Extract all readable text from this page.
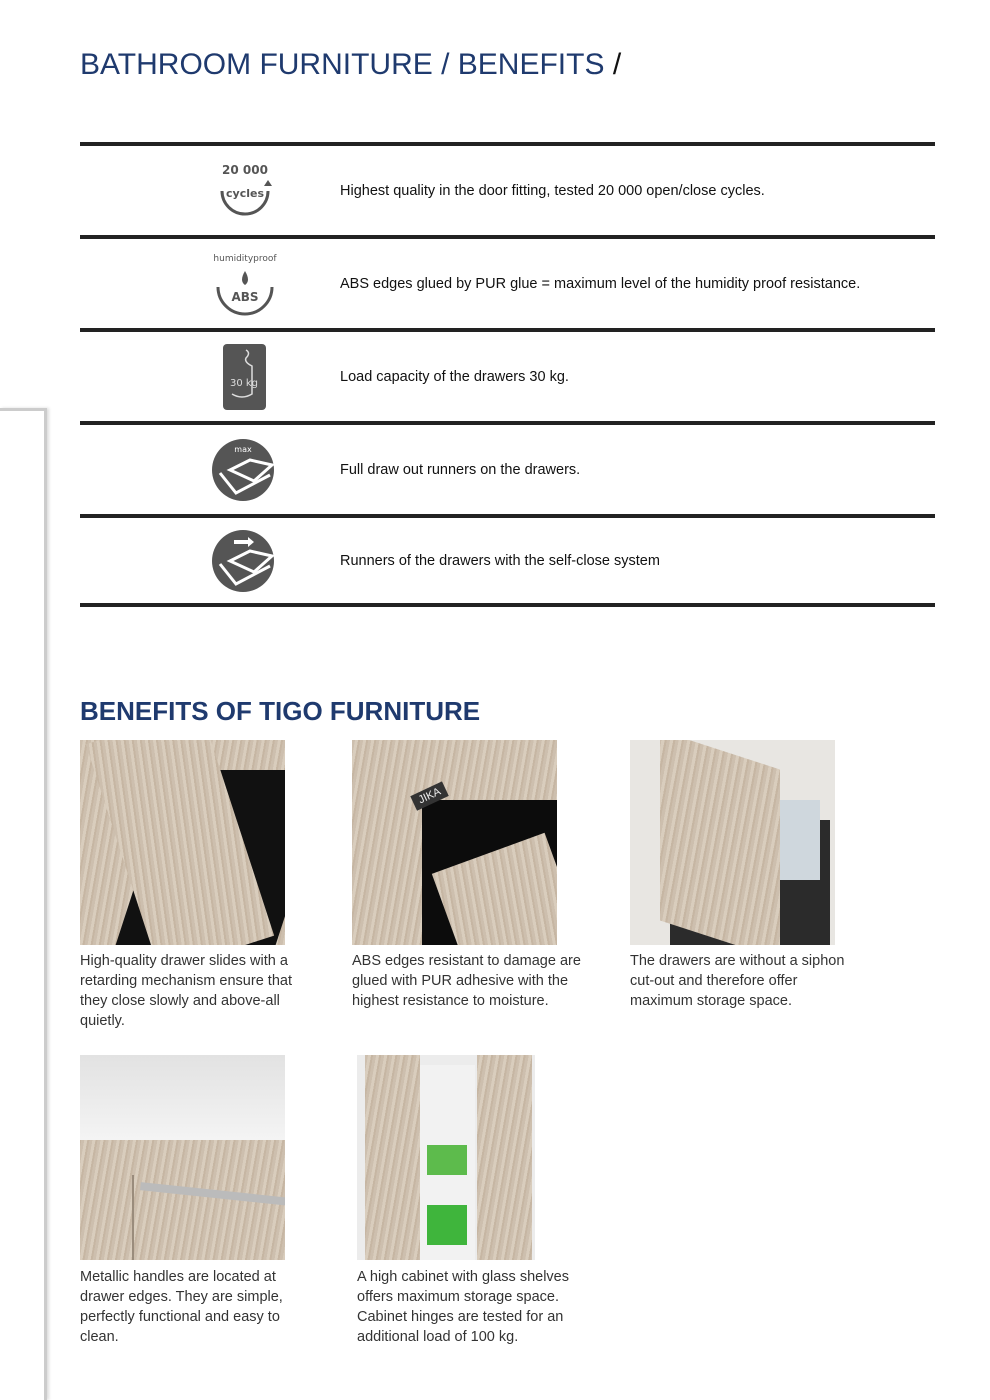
BATHROOM FURNITURE / BENEFITS /
20 000
cycles	Highest quality in the door fitting, tested 20 000 open/close cycles.
humidityproof
ABS
ABS edges glued by PUR glue = maximum level of the humidity proof resistance.
30 kg	Load capacity of the drawers 30 kg.
max
Full draw out runners on the drawers.
Runners of the drawers with the self-close system
BENEFITS OF TIGO FURNITURE
High-quality drawer slides with a retarding mechanism ensure that they close slowly and above-all quietly.
JIKA
ABS edges resistant to damage are glued with PUR adhesive with the highest resistance to moisture.
The drawers are without a siphon cut-out and therefore offer maximum storage space.
Metallic handles are located at drawer edges. They are simple, perfectly functional and easy to clean.
A high cabinet with glass shelves offers maximum storage space. Cabinet hinges are tested for an additional load of 100 kg.
